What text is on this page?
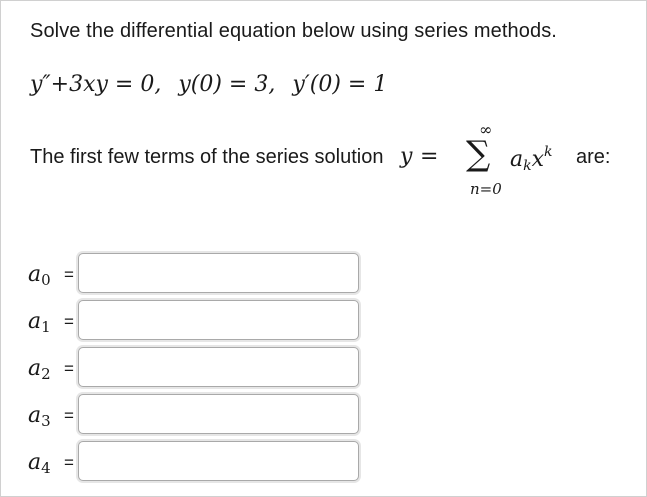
Solve the differential equation below using series methods.
y″+3xy = 0, y(0) = 3, y′(0) = 1
The first few terms of the series solution y =
∞
∑
n=0
$a_kx^k$ are:
$a_0$ =
$a_1$ =
$a_2$ =
$a_3$ =
$a_4$ =
